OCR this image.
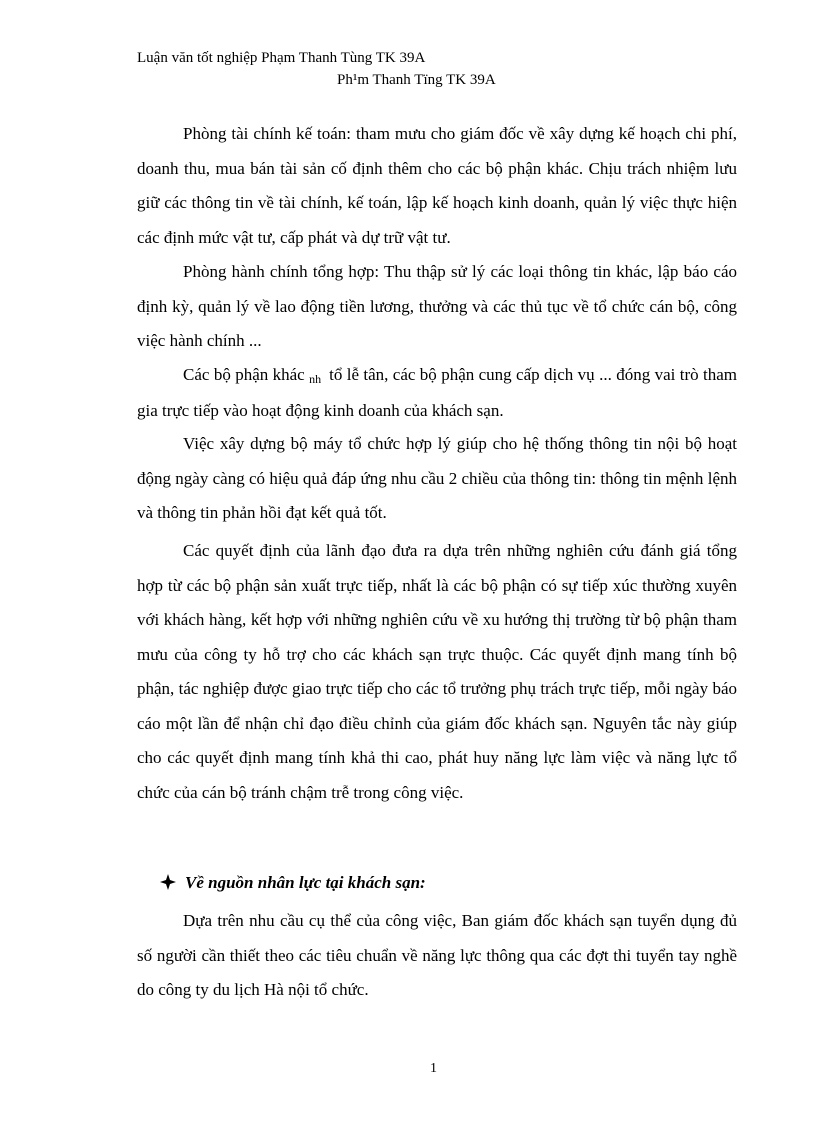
Luận văn tốt nghiệp Phạm Thanh Tùng TK 39A
Ph¹m Thanh Tïng TK 39A

Phòng tài chính kế toán: tham mưu cho giám đốc về xây dựng kế hoạch chi phí, doanh thu, mua bán tài sản cố định thêm cho các bộ phận khác. Chịu trách nhiệm lưu giữ các thông tin về tài chính, kế toán, lập kế hoạch kinh doanh, quản lý việc thực hiện các định mức vật tư, cấp phát và dự trữ vật tư.

Phòng hành chính tổng hợp: Thu thập sử lý các loại thông tin khác, lập báo cáo định kỳ, quản lý về lao động tiền lương, thưởng và các thủ tục về tổ chức cán bộ, công việc hành chính ...

Các bộ phận khác nh tổ lễ tân, các bộ phận cung cấp dịch vụ ... đóng vai trò tham gia trực tiếp vào hoạt động kinh doanh của khách sạn.

Việc xây dựng bộ máy tổ chức hợp lý giúp cho hệ thống thông tin nội bộ hoạt động ngày càng có hiệu quả đáp ứng nhu cầu 2 chiều của thông tin: thông tin mệnh lệnh và thông tin phản hồi đạt kết quả tốt.

Các quyết định của lãnh đạo đưa ra dựa trên những nghiên cứu đánh giá tổng hợp từ các bộ phận sản xuất trực tiếp, nhất là các bộ phận có sự tiếp xúc thường xuyên với khách hàng, kết hợp với những nghiên cứu về xu hướng thị trường từ bộ phận tham mưu của công ty hỗ trợ cho các khách sạn trực thuộc. Các quyết định mang tính bộ phận, tác nghiệp được giao trực tiếp cho các tổ trưởng phụ trách trực tiếp, mỗi ngày báo cáo một lần để nhận chỉ đạo điều chỉnh của giám đốc khách sạn. Nguyên tắc này giúp cho các quyết định mang tính khả thi cao, phát huy năng lực làm việc và năng lực tổ chức của cán bộ tránh chậm trễ trong công việc.

Về nguồn nhân lực tại khách sạn:

Dựa trên nhu cầu cụ thể của công việc, Ban giám đốc khách sạn tuyển dụng đủ số người cần thiết theo các tiêu chuẩn về năng lực thông qua các đợt thi tuyển tay nghề do công ty du lịch Hà nội tổ chức.

1
